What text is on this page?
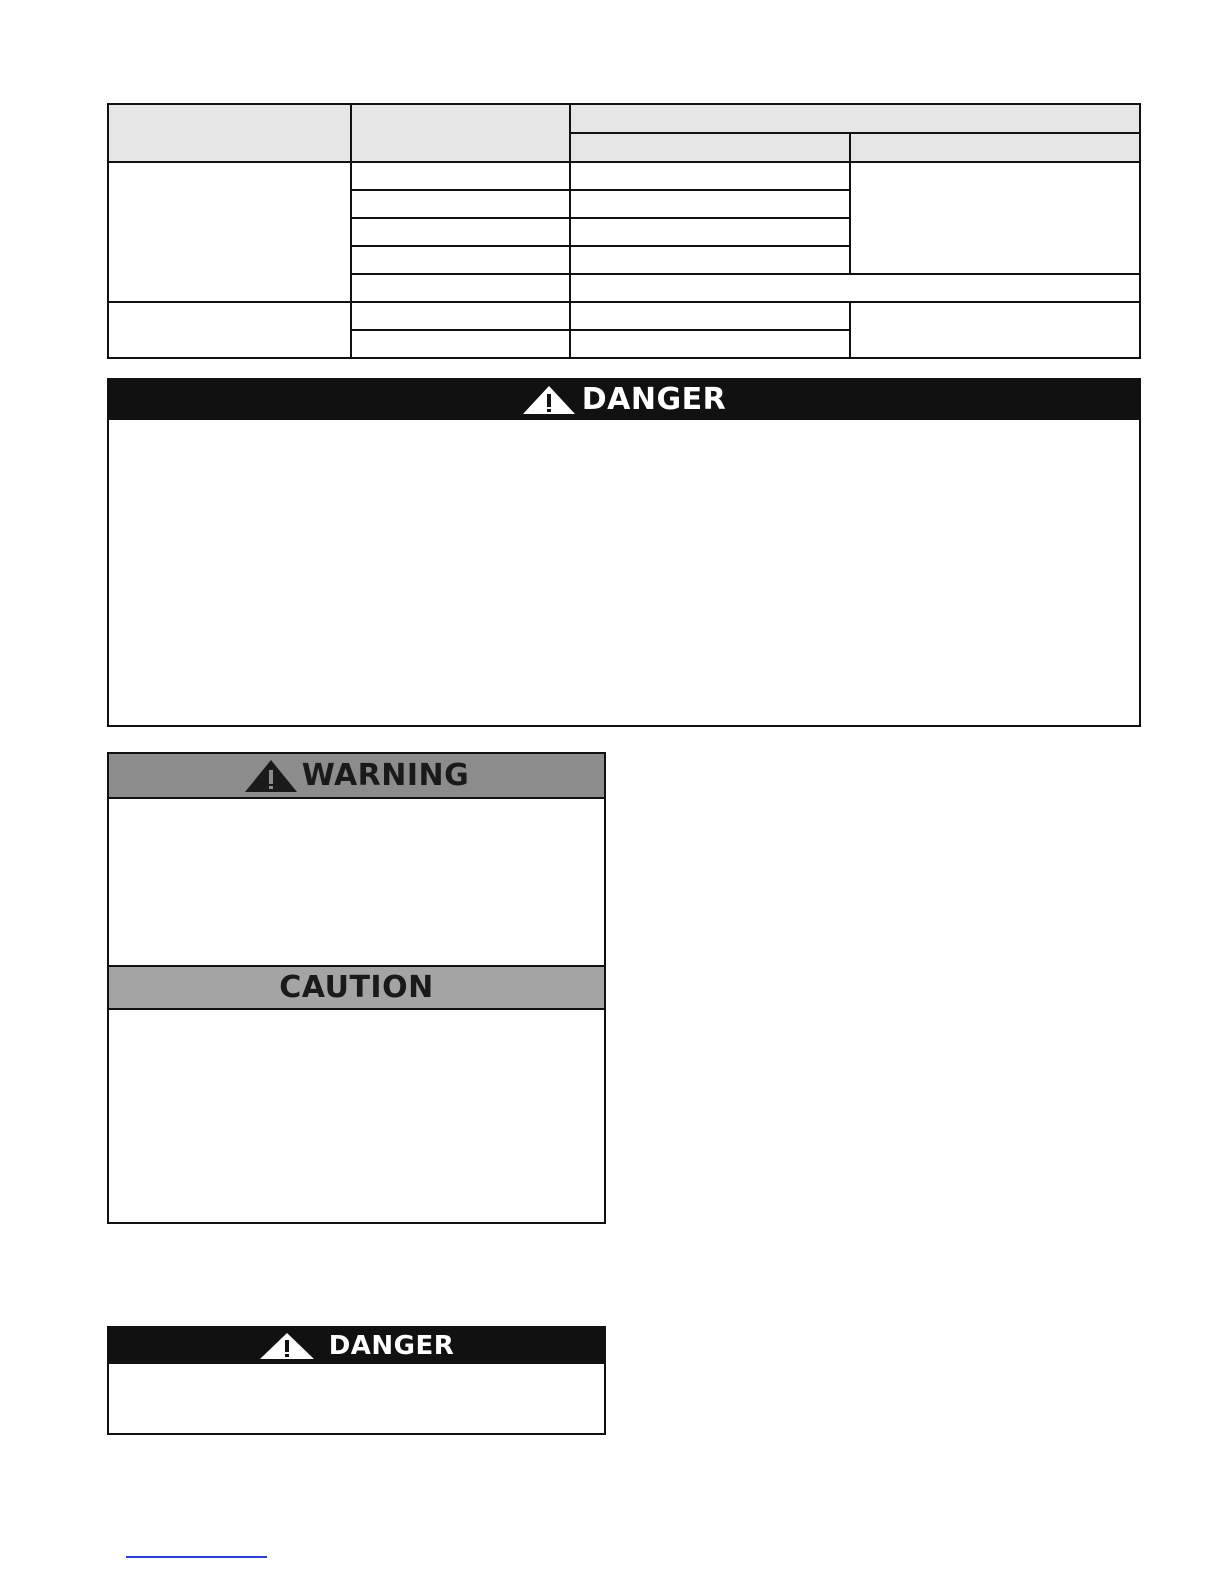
DANGER
WARNING
CAUTION
DANGER
